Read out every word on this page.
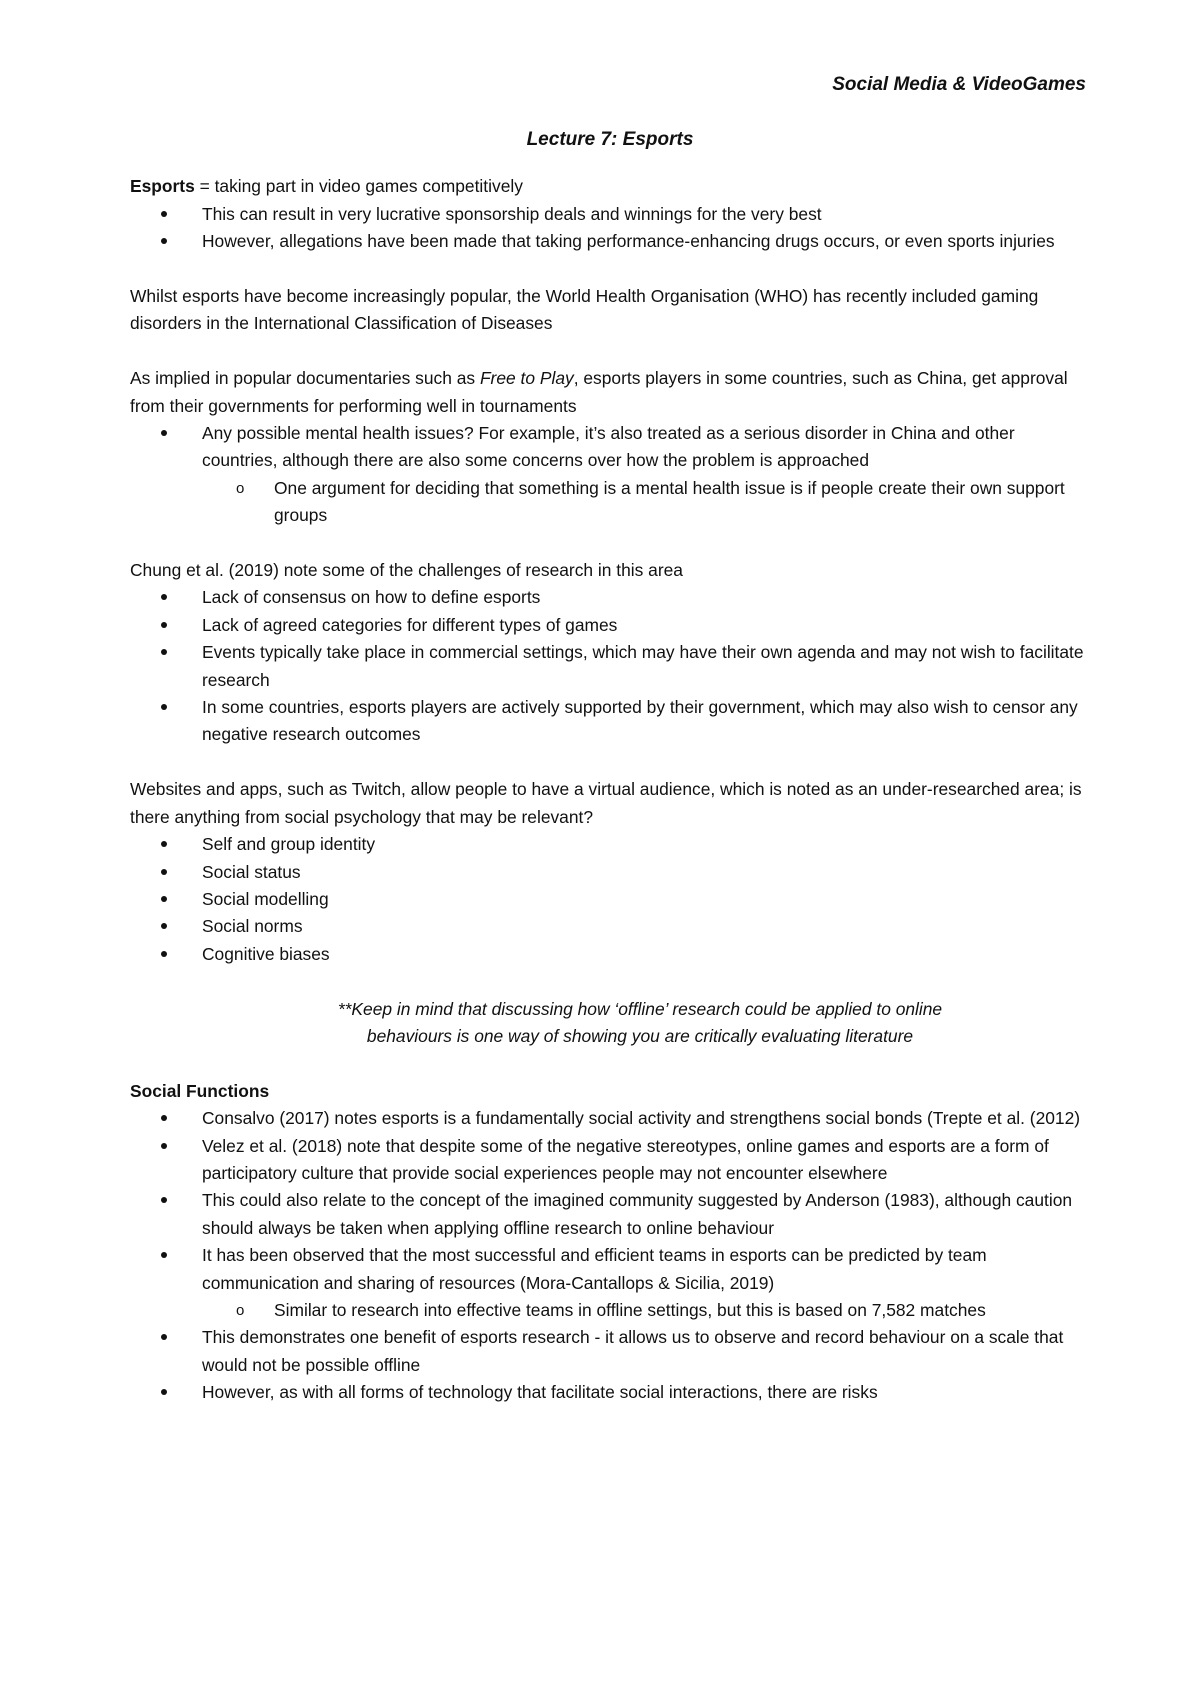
Social Media & VideoGames

Lecture 7: Esports

Esports = taking part in video games competitively

This can result in very lucrative sponsorship deals and winnings for the very best
However, allegations have been made that taking performance-enhancing drugs occurs, or even sports injuries

Whilst esports have become increasingly popular, the World Health Organisation (WHO) has recently included gaming disorders in the International Classification of Diseases

As implied in popular documentaries such as Free to Play, esports players in some countries, such as China, get approval from their governments for performing well in tournaments

Any possible mental health issues? For example, it’s also treated as a serious disorder in China and other countries, although there are also some concerns over how the problem is approached
o One argument for deciding that something is a mental health issue is if people create their own support groups

Chung et al. (2019) note some of the challenges of research in this area

Lack of consensus on how to define esports
Lack of agreed categories for different types of games
Events typically take place in commercial settings, which may have their own agenda and may not wish to facilitate research
In some countries, esports players are actively supported by their government, which may also wish to censor any negative research outcomes

Websites and apps, such as Twitch, allow people to have a virtual audience, which is noted as an under-researched area; is there anything from social psychology that may be relevant?

Self and group identity
Social status
Social modelling
Social norms
Cognitive biases
**Keep in mind that discussing how ‘offline’ research could be applied to online
behaviours is one way of showing you are critically evaluating literature

Social Functions

Consalvo (2017) notes esports is a fundamentally social activity and strengthens social bonds (Trepte et al. (2012)
Velez et al. (2018) note that despite some of the negative stereotypes, online games and esports are a form of participatory culture that provide social experiences people may not encounter elsewhere
This could also relate to the concept of the imagined community suggested by Anderson (1983), although caution should always be taken when applying offline research to online behaviour
It has been observed that the most successful and efficient teams in esports can be predicted by team communication and sharing of resources (Mora-Cantallops & Sicilia, 2019)
o Similar to research into effective teams in offline settings, but this is based on 7,582 matches
This demonstrates one benefit of esports research - it allows us to observe and record behaviour on a scale that would not be possible offline
However, as with all forms of technology that facilitate social interactions, there are risks
